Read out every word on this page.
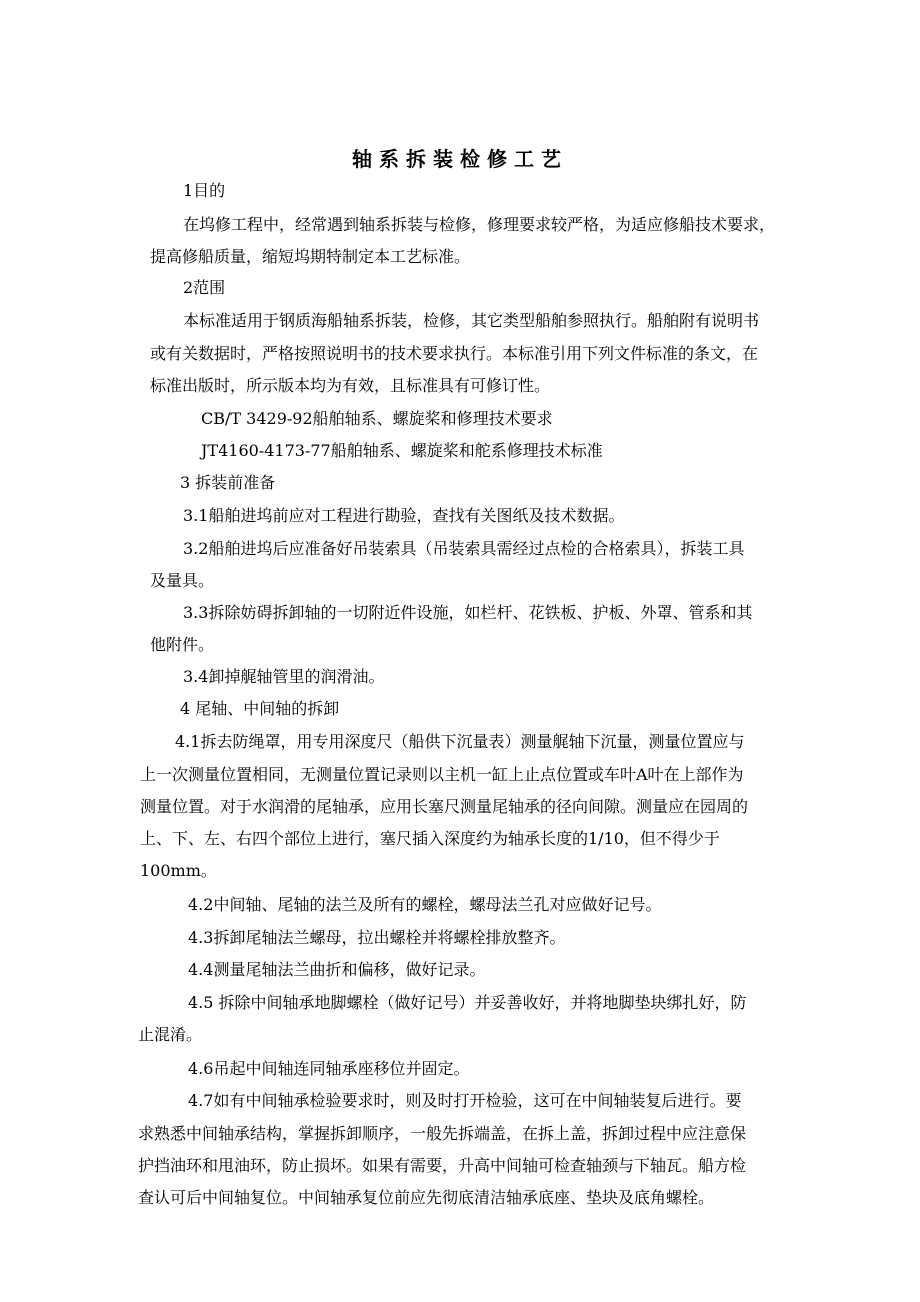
轴系拆装检修工艺
1目的
在坞修工程中，经常遇到轴系拆装与检修，修理要求较严格，为适应修船技术要求，
提高修船质量，缩短坞期特制定本工艺标准。
2范围
本标准适用于钢质海船轴系拆装，检修，其它类型船舶参照执行。船舶附有说明书
或有关数据时，严格按照说明书的技术要求执行。本标准引用下列文件标准的条文，在
标准出版时，所示版本均为有效，且标准具有可修订性。
CB/T 3429-92船舶轴系、螺旋桨和修理技术要求
JT4160-4173-77船舶轴系、螺旋桨和舵系修理技术标准
3 拆装前准备
3.1船舶进坞前应对工程进行勘验，查找有关图纸及技术数据。
3.2船舶进坞后应准备好吊装索具（吊装索具需经过点检的合格索具），拆装工具
及量具。
3.3拆除妨碍拆卸轴的一切附近件设施，如栏杆、花铁板、护板、外罩、管系和其
他附件。
3.4卸掉艉轴管里的润滑油。
4 尾轴、中间轴的拆卸
4.1拆去防绳罩，用专用深度尺（船供下沉量表）测量艉轴下沉量，测量位置应与
上一次测量位置相同，无测量位置记录则以主机一缸上止点位置或车叶A叶在上部作为
测量位置。对于水润滑的尾轴承，应用长塞尺测量尾轴承的径向间隙。测量应在园周的
上、下、左、右四个部位上进行，塞尺插入深度约为轴承长度的1/10，但不得少于
100mm。
4.2中间轴、尾轴的法兰及所有的螺栓，螺母法兰孔对应做好记号。
4.3拆卸尾轴法兰螺母，拉出螺栓并将螺栓排放整齐。
4.4测量尾轴法兰曲折和偏移，做好记录。
4.5 拆除中间轴承地脚螺栓（做好记号）并妥善收好，并将地脚垫块绑扎好，防
止混淆。
4.6吊起中间轴连同轴承座移位并固定。
4.7如有中间轴承检验要求时，则及时打开检验，这可在中间轴装复后进行。要
求熟悉中间轴承结构，掌握拆卸顺序，一般先拆端盖，在拆上盖，拆卸过程中应注意保
护挡油环和甩油环，防止损坏。如果有需要，升高中间轴可检查轴颈与下轴瓦。船方检
查认可后中间轴复位。中间轴承复位前应先彻底清洁轴承底座、垫块及底角螺栓。
